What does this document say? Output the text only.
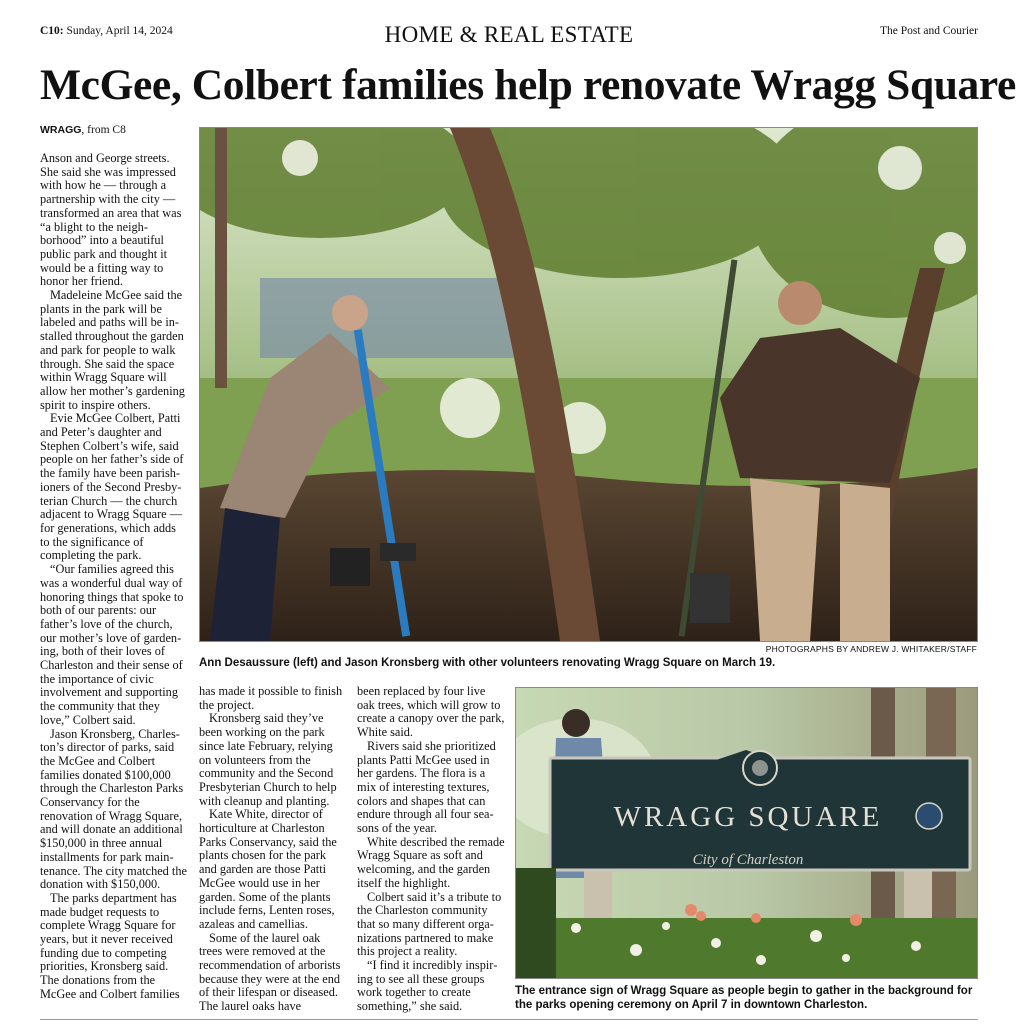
C10: Sunday, April 14, 2024	HOME & REAL ESTATE	The Post and Courier
McGee, Colbert families help renovate Wragg Square
WRAGG, from C8

Anson and George streets. She said she was impressed with how he — through a partnership with the city — transformed an area that was “a blight to the neighborhood” into a beautiful public park and thought it would be a fitting way to honor her friend.

Madeleine McGee said the plants in the park will be labeled and paths will be installed throughout the garden and park for people to walk through. She said the space within Wragg Square will allow her mother’s gardening spirit to inspire others.

Evie McGee Colbert, Patti and Peter’s daughter and Stephen Colbert’s wife, said people on her father’s side of the family have been parishioners of the Second Presbyterian Church — the church adjacent to Wragg Square — for generations, which adds to the significance of completing the park.

“Our families agreed this was a wonderful dual way of honoring things that spoke to both of our parents: our father’s love of the church, our mother’s love of gardening, both of their loves of Charleston and their sense of the importance of civic involvement and supporting the community that they love,” Colbert said.

Jason Kronsberg, Charleston’s director of parks, said the McGee and Colbert families donated $100,000 through the Charleston Parks Conservancy for the renovation of Wragg Square, and will donate an additional $150,000 in three annual installments for park maintenance. The city matched the donation with $150,000.

The parks department has made budget requests to complete Wragg Square for years, but it never received funding due to competing priorities, Kronsberg said. The donations from the McGee and Colbert families

has made it possible to finish the project.

Kronsberg said they’ve been working on the park since late February, relying on volunteers from the community and the Second Presbyterian Church to help with cleanup and planting.

Kate White, director of horticulture at Charleston Parks Conservancy, said the plants chosen for the park and garden are those Patti McGee would use in her garden. Some of the plants include ferns, Lenten roses, azaleas and camellias.

Some of the laurel oak trees were removed at the recommendation of arborists because they were at the end of their lifespan or diseased. The laurel oaks have

been replaced by four live oak trees, which will grow to create a canopy over the park, White said.

Rivers said she prioritized plants Patti McGee used in her gardens. The flora is a mix of interesting textures, colors and shapes that can endure through all four seasons of the year.

White described the remade Wragg Square as soft and welcoming, and the garden itself the highlight.

Colbert said it’s a tribute to the Charleston community that so many different organizations partnered to make this project a reality.

“I find it incredibly inspiring to see all these groups work together to create something,” she said.

PHOTOGRAPHS BY ANDREW J. WHITAKER/STAFF
Ann Desaussure (left) and Jason Kronsberg with other volunteers renovating Wragg Square on March 19.
WRAGG SQUARE
City of Charleston
The entrance sign of Wragg Square as people begin to gather in the background for the parks opening ceremony on April 7 in downtown Charleston.
